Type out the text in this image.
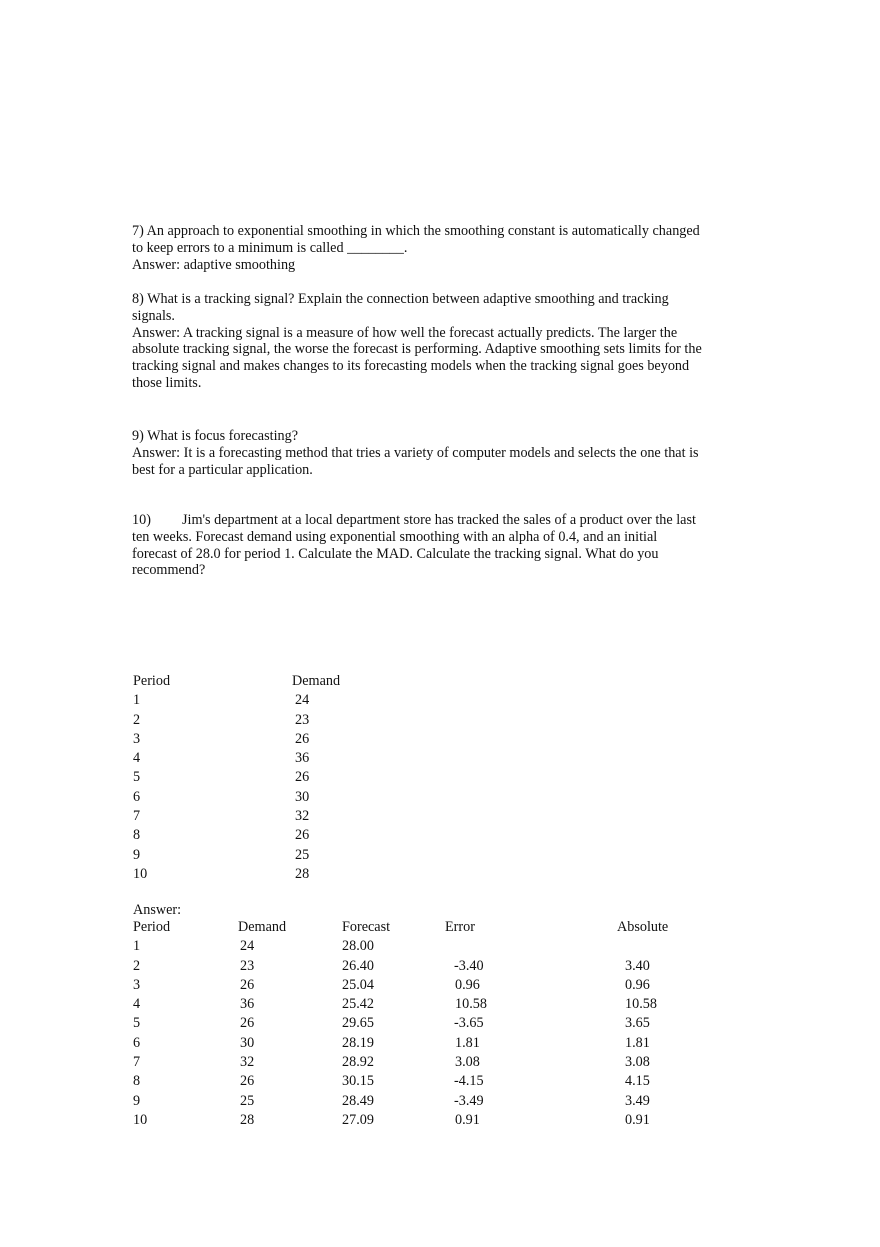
7) An approach to exponential smoothing in which the smoothing constant is automatically changed to keep errors to a minimum is called ________.

Answer: adaptive smoothing

8) What is a tracking signal? Explain the connection between adaptive smoothing and tracking signals.

Answer: A tracking signal is a measure of how well the forecast actually predicts. The larger the absolute tracking signal, the worse the forecast is performing. Adaptive smoothing sets limits for the tracking signal and makes changes to its forecasting models when the tracking signal goes beyond those limits.

9) What is focus forecasting?

Answer: It is a forecasting method that tries a variety of computer models and selects the one that is best for a particular application.

10) Jim's department at a local department store has tracked the sales of a product over the last ten weeks. Forecast demand using exponential smoothing with an alpha of 0.4, and an initial forecast of 28.0 for period 1. Calculate the MAD. Calculate the tracking signal. What do you recommend?

Period	Demand
1	24
2	23
3	26
4	36
5	26
6	30
7	32
8	26
9	25
10	28
Answer:
Period	Demand	Forecast	Error	Absolute
1	24	28.00
2	23	26.40	-3.40	3.40
3	26	25.04	0.96	0.96
4	36	25.42	10.58	10.58
5	26	29.65	-3.65	3.65
6	30	28.19	1.81	1.81
7	32	28.92	3.08	3.08
8	26	30.15	-4.15	4.15
9	25	28.49	-3.49	3.49
10	28	27.09	0.91	0.91
